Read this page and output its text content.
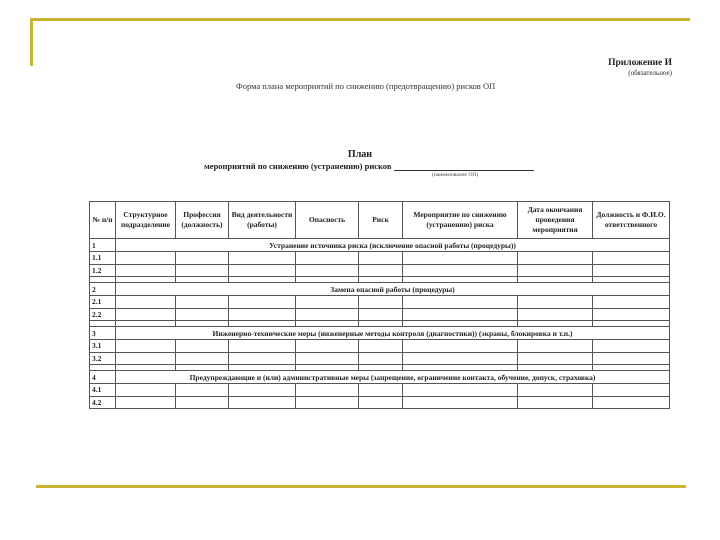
Приложение И
(обязательное)
Форма плана мероприятий по снижению (предотвращению) рисков ОП
План
мероприятий по снижению (устранению) рисков
(наименование ОП)
№ п/п	Структурное подразделение	Профессия (должность)	Вид деятельности (работы)	Опасность	Риск	Мероприятие по снижению (устранению) риска	Дата окончания проведения мероприятия	Должность и Ф.И.О. ответственного
1	Устранение источника риска (исключение опасной работы (процедуры))							
1.1								
1.2								

2	Замена опасной работы (процедуры)							
2.1								
2.2								

3	Инженерно-технические меры (инженерные методы контроля (диагностики)) (экраны, блокировка и т.п.)							
3.1								
3.2								

4	Предупреждающие и (или) административные меры (запрещение, ограничение контакта, обучение, допуск, страховка)							
4.1								
4.2								
